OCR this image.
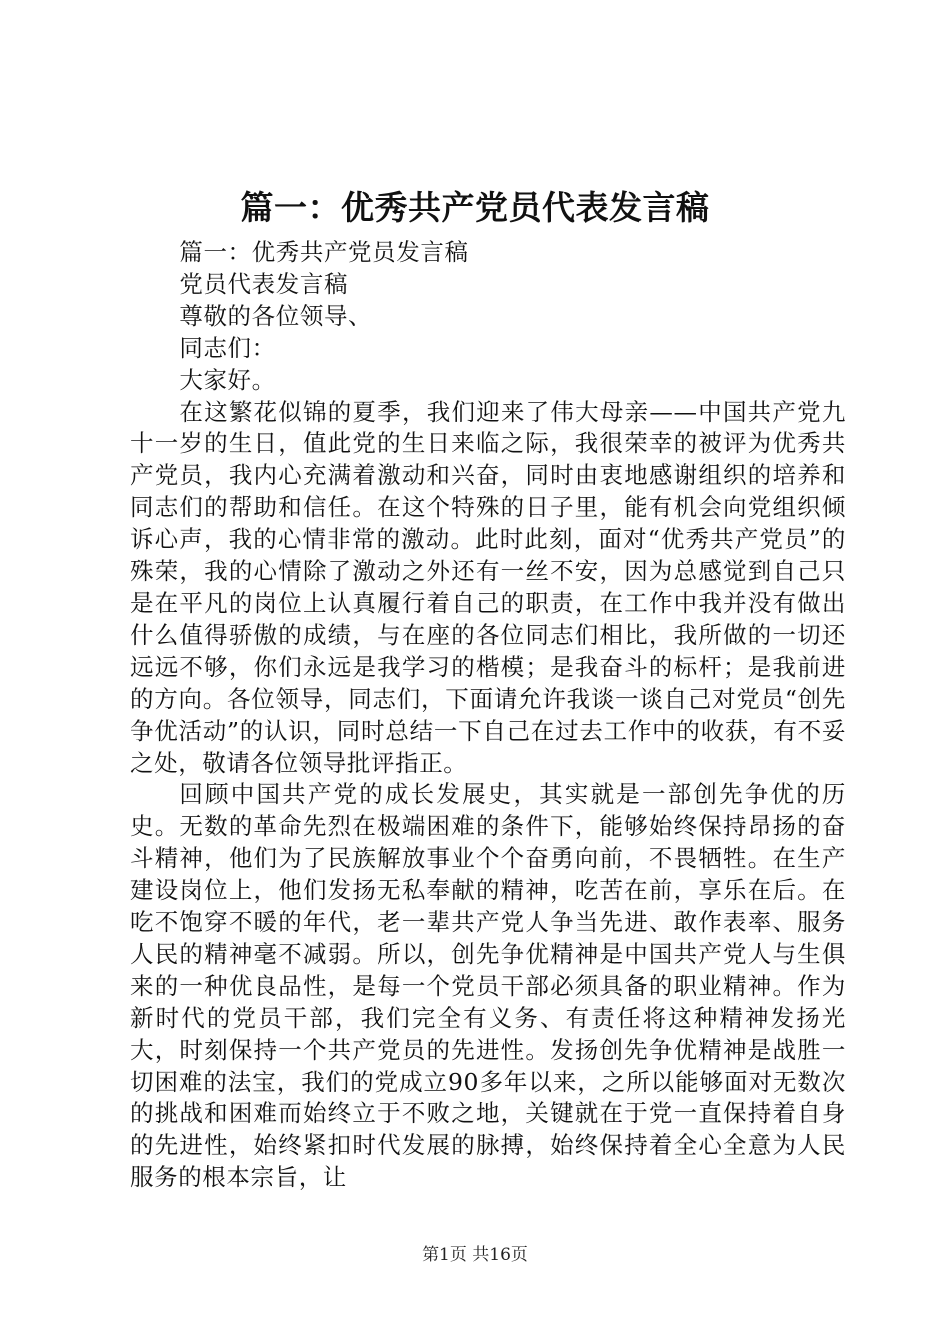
篇一：优秀共产党员代表发言稿

篇一：优秀共产党员发言稿

党员代表发言稿

尊敬的各位领导、

同志们：

大家好。

在这繁花似锦的夏季，我们迎来了伟大母亲——中国共产党九十一岁的生日，值此党的生日来临之际，我很荣幸的被评为优秀共产党员，我内心充满着激动和兴奋，同时由衷地感谢组织的培养和同志们的帮助和信任。在这个特殊的日子里，能有机会向党组织倾诉心声，我的心情非常的激动。此时此刻，面对“优秀共产党员”的殊荣，我的心情除了激动之外还有一丝不安，因为总感觉到自己只是在平凡的岗位上认真履行着自己的职责，在工作中我并没有做出什么值得骄傲的成绩，与在座的各位同志们相比，我所做的一切还远远不够，你们永远是我学习的楷模；是我奋斗的标杆；是我前进的方向。各位领导，同志们，下面请允许我谈一谈自己对党员“创先争优活动”的认识，同时总结一下自己在过去工作中的收获，有不妥之处，敬请各位领导批评指正。

回顾中国共产党的成长发展史，其实就是一部创先争优的历史。无数的革命先烈在极端困难的条件下，能够始终保持昂扬的奋斗精神，他们为了民族解放事业个个奋勇向前，不畏牺牲。在生产建设岗位上，他们发扬无私奉献的精神，吃苦在前，享乐在后。在吃不饱穿不暖的年代，老一辈共产党人争当先进、敢作表率、服务人民的精神毫不减弱。所以，创先争优精神是中国共产党人与生俱来的一种优良品性，是每一个党员干部必须具备的职业精神。作为新时代的党员干部，我们完全有义务、有责任将这种精神发扬光大，时刻保持一个共产党员的先进性。发扬创先争优精神是战胜一切困难的法宝，我们的党成立90多年以来，之所以能够面对无数次的挑战和困难而始终立于不败之地，关键就在于党一直保持着自身的先进性，始终紧扣时代发展的脉搏，始终保持着全心全意为人民服务的根本宗旨，让

第1页 共16页
